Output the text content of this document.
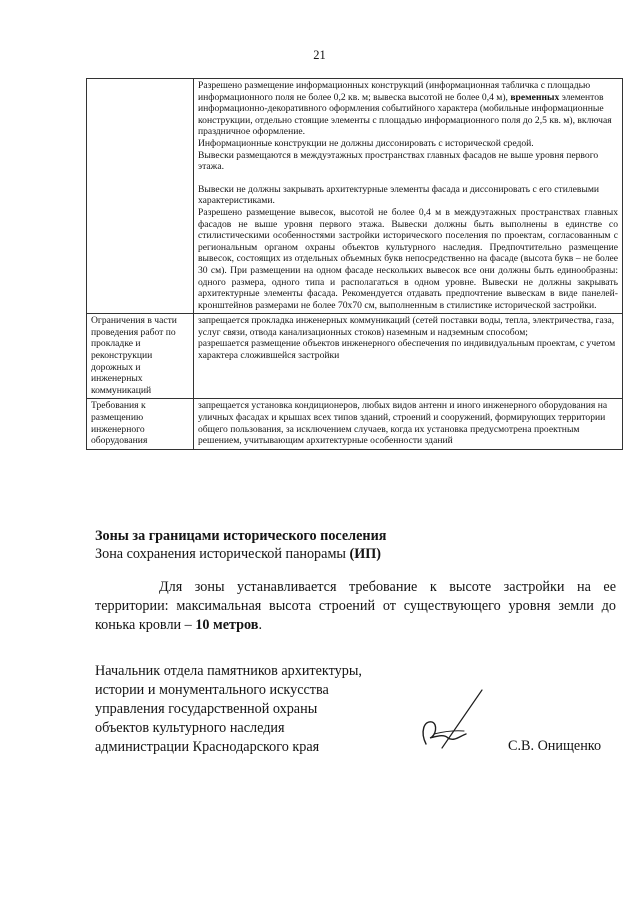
21

	Разрешено размещение информационных конструкций (информационная табличка с площадью информационного поля не более 0,2 кв. м; вывеска высотой не более 0,4 м), временных элементов информационно-декоративного оформления событийного характера (мобильные информационные конструкции, отдельно стоящие элементы с площадью информационного поля до 2,5 кв. м), включая праздничное оформление.

Информационные конструкции не должны диссонировать с исторической средой.

Вывески размещаются в междуэтажных пространствах главных фасадов не выше уровня первого этажа.

Вывески не должны закрывать архитектурные элементы фасада и диссонировать с его стилевыми характеристиками.

Разрешено размещение вывесок, высотой не более 0,4 м в междуэтажных пространствах главных фасадов не выше уровня первого этажа. Вывески должны быть выполнены в единстве со стилистическими особенностями застройки исторического поселения по проектам, согласованным с региональным органом охраны объектов культурного наследия. Предпочтительно размещение вывесок, состоящих из отдельных объемных букв непосредственно на фасаде (высота букв – не более 30 см). При размещении на одном фасаде нескольких вывесок все они должны быть единообразны: одного размера, одного типа и располагаться в одном уровне. Вывески не должны закрывать архитектурные элементы фасада. Рекомендуется отдавать предпочтение вывескам в виде панелей-кронштейнов размерами не более 70х70 см, выполненным в стилистике исторической застройки.

Ограничения в части проведения работ по прокладке и реконструкции дорожных и инженерных коммуникаций	запрещается прокладка инженерных коммуникаций (сетей поставки воды, тепла, электричества, газа, услуг связи, отвода канализационных стоков) наземным и надземным способом;

разрешается размещение объектов инженерного обеспечения по индивидуальным проектам, с учетом характера сложившейся застройки

Требования к размещению инженерного оборудования	запрещается установка кондиционеров, любых видов антенн и иного инженерного оборудования на уличных фасадах и крышах всех типов зданий, строений и сооружений, формирующих территории общего пользования, за исключением случаев, когда их установка предусмотрена проектным решением, учитывающим архитектурные особенности зданий

Зоны за границами исторического поселения
Зона сохранения исторической панорамы (ИП)
Для зоны устанавливается требование к высоте застройки на ее территории: максимальная высота строений от существующего уровня земли до конька кровли – 10 метров.
Начальник отдела памятников архитектуры,
истории и монументального искусства
управления государственной охраны
объектов культурного наследия
администрации Краснодарского края	С.В. Онищенко
